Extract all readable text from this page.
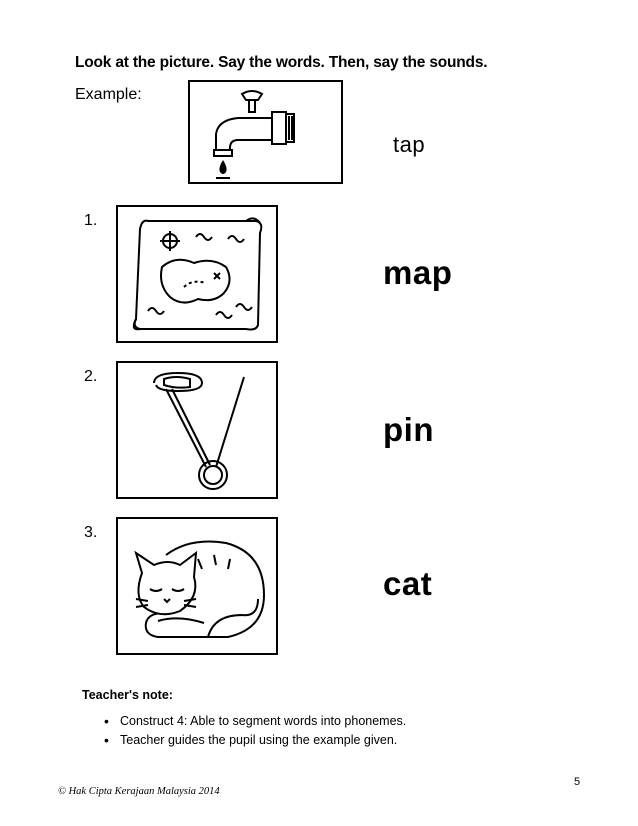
Look at the picture. Say the words. Then, say the sounds.
Example:
tap
1.
map
2.
pin
3.
cat
Teacher's note:
• Construct 4: Able to segment words into phonemes.
• Teacher guides the pupil using the example given.
© Hak Cipta Kerajaan Malaysia 2014
5
